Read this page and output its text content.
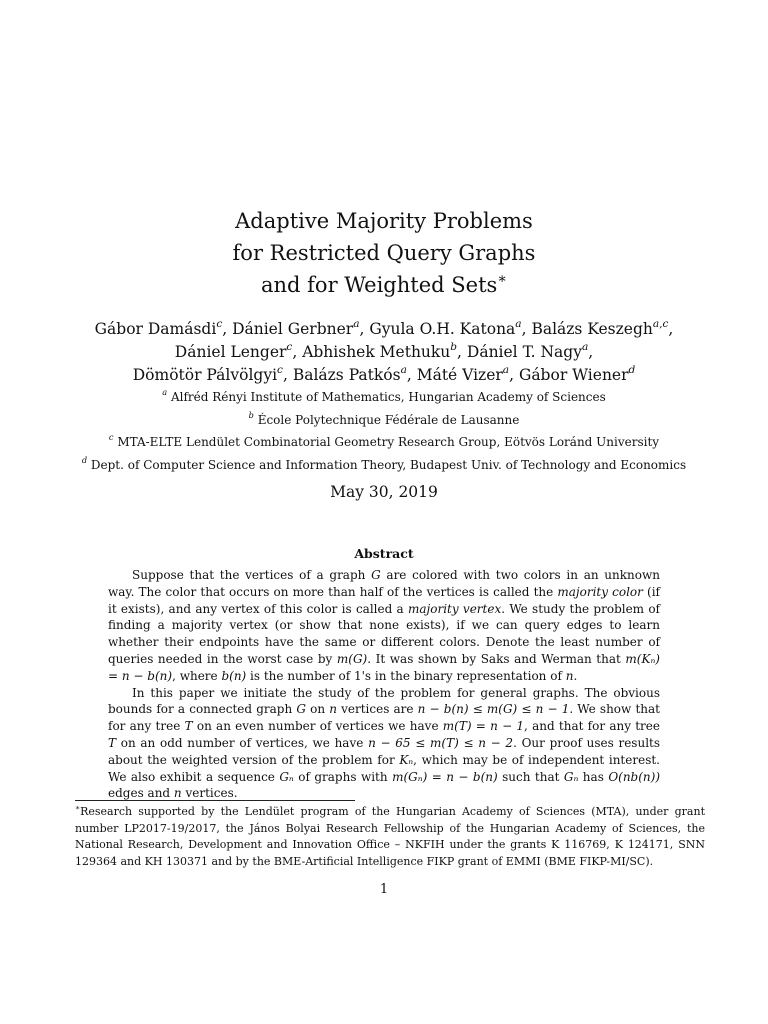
Adaptive Majority Problems
for Restricted Query Graphs
and for Weighted Sets∗
Gábor Damásdi$^c$, Dániel Gerbner$^a$, Gyula O.H. Katona$^a$, Balázs Keszegh$^{a,c}$,
Dániel Lenger$^c$, Abhishek Methuku$^b$, Dániel T. Nagy$^a$,
Dömötör Pálvölgyi$^c$, Balázs Patkós$^a$, Máté Vizer$^a$, Gábor Wiener$^d$
$^a$ Alfréd Rényi Institute of Mathematics, Hungarian Academy of Sciences
$^b$ École Polytechnique Fédérale de Lausanne
$^c$ MTA-ELTE Lendület Combinatorial Geometry Research Group, Eötvös Loránd University
$^d$ Dept. of Computer Science and Information Theory, Budapest Univ. of Technology and Economics
May 30, 2019
Abstract

Suppose that the vertices of a graph G are colored with two colors in an unknown way. The color that occurs on more than half of the vertices is called the majority color (if it exists), and any vertex of this color is called a majority vertex. We study the problem of finding a majority vertex (or show that none exists), if we can query edges to learn whether their endpoints have the same or different colors. Denote the least number of queries needed in the worst case by m(G). It was shown by Saks and Werman that m(Kₙ) = n − b(n), where b(n) is the number of 1's in the binary representation of n.

In this paper we initiate the study of the problem for general graphs. The obvious bounds for a connected graph G on n vertices are n − b(n) ≤ m(G) ≤ n − 1. We show that for any tree T on an even number of vertices we have m(T) = n − 1, and that for any tree T on an odd number of vertices, we have n − 65 ≤ m(T) ≤ n − 2. Our proof uses results about the weighted version of the problem for Kₙ, which may be of independent interest. We also exhibit a sequence Gₙ of graphs with m(Gₙ) = n − b(n) such that Gₙ has O(nb(n)) edges and n vertices.

∗Research supported by the Lendület program of the Hungarian Academy of Sciences (MTA), under grant number LP2017-19/2017, the János Bolyai Research Fellowship of the Hungarian Academy of Sciences, the National Research, Development and Innovation Office – NKFIH under the grants K 116769, K 124171, SNN 129364 and KH 130371 and by the BME-Artificial Intelligence FIKP grant of EMMI (BME FIKP-MI/SC).
1
